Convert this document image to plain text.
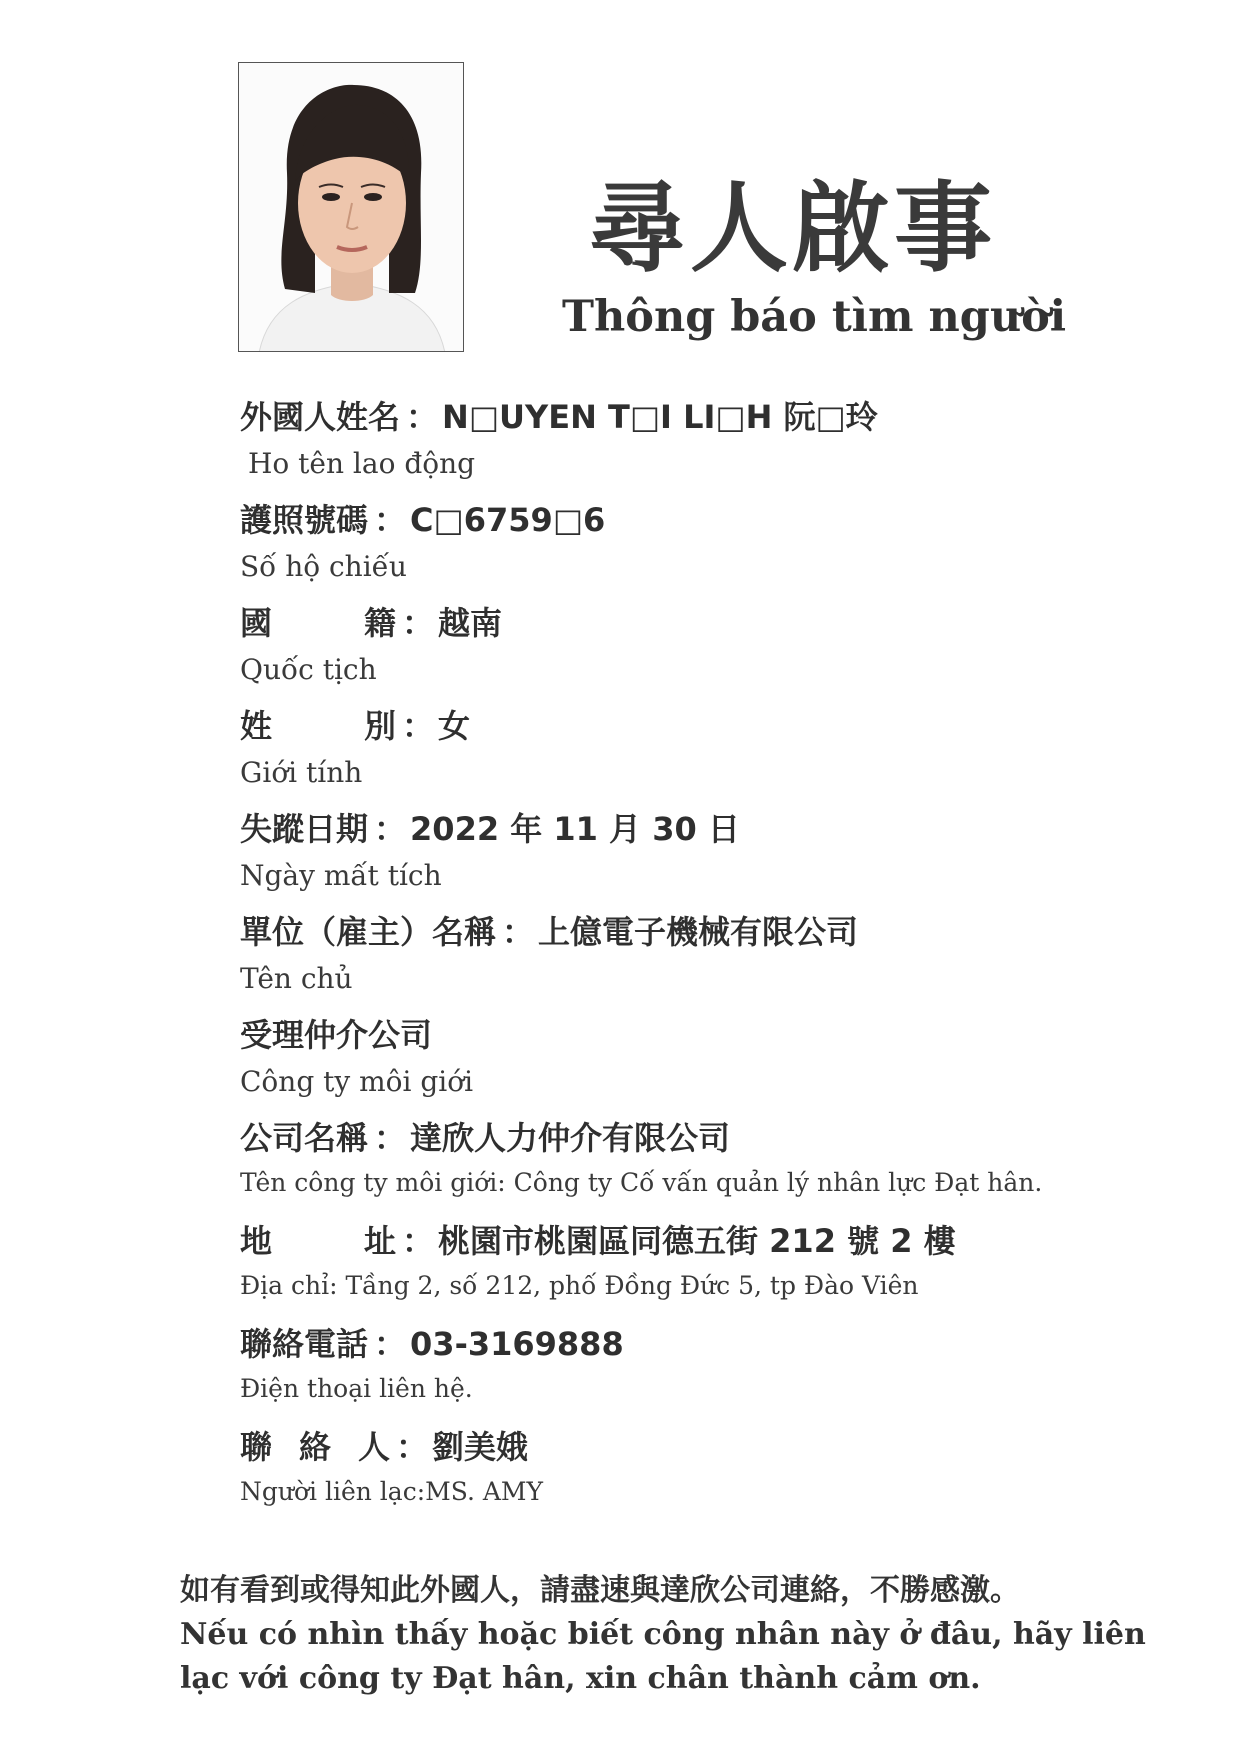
尋人啟事
Thông báo tìm người
外國人姓名 ： N□UYEN T□I LI□H 阮□玲
Ho tên lao động
護照號碼 ： C□6759□6
Số hộ chiếu
國	籍 ： 越南
Quốc tịch
姓	別 ： 女
Giới tính
失蹤日期 ： 2022 年 11 月 30 日
Ngày mất tích
單位（雇主）名稱 ： 上億電子機械有限公司
Tên chủ
受理仲介公司
Công ty môi giới
公司名稱 ： 達欣人力仲介有限公司
Tên công ty môi giới: Công ty Cố vấn quản lý nhân lực Đạt hân.
地	址 ： 桃園市桃園區同德五街 212 號 2 樓
Địa chỉ: Tầng 2, số 212, phố Đồng Đức 5, tp Đào Viên
聯絡電話 ： 03-3169888
Điện thoại liên hệ.
聯 絡 人 ： 劉美娥
Người liên lạc:MS. AMY
如有看到或得知此外國人，請盡速與達欣公司連絡，不勝感激。
Nếu có nhìn thấy hoặc biết công nhân này ở đâu, hãy liên lạc với công ty Đạt hân, xin chân thành cảm ơn.
